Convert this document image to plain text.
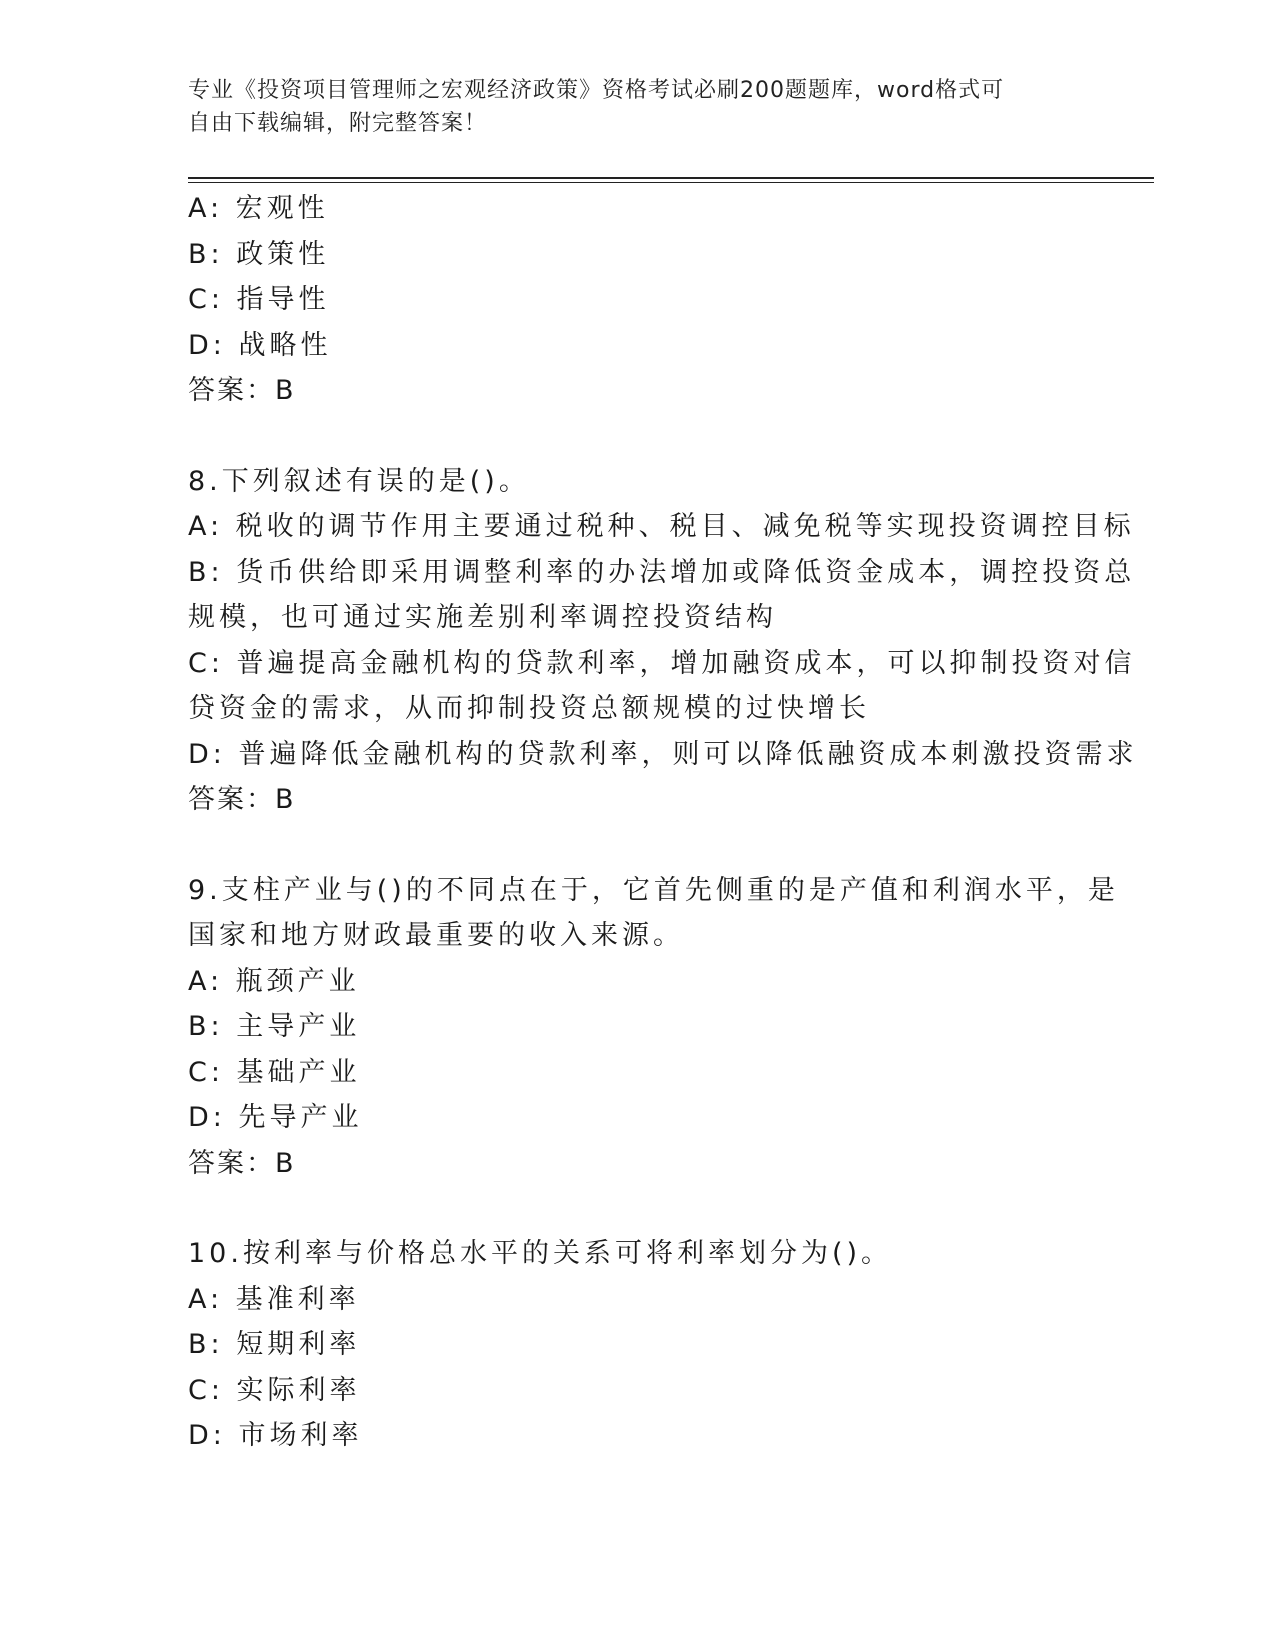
专业《投资项目管理师之宏观经济政策》资格考试必刷200题题库，word格式可
自由下载编辑，附完整答案！
A: 宏观性
B: 政策性
C: 指导性
D: 战略性
答案：B
8.下列叙述有误的是()。
A: 税收的调节作用主要通过税种、税目、减免税等实现投资调控目标
B: 货币供给即采用调整利率的办法增加或降低资金成本，调控投资总
规模，也可通过实施差别利率调控投资结构
C: 普遍提高金融机构的贷款利率，增加融资成本，可以抑制投资对信
贷资金的需求，从而抑制投资总额规模的过快增长
D: 普遍降低金融机构的贷款利率，则可以降低融资成本刺激投资需求
答案：B
9.支柱产业与()的不同点在于，它首先侧重的是产值和利润水平，是
国家和地方财政最重要的收入来源。
A: 瓶颈产业
B: 主导产业
C: 基础产业
D: 先导产业
答案：B
10.按利率与价格总水平的关系可将利率划分为()。
A: 基准利率
B: 短期利率
C: 实际利率
D: 市场利率
